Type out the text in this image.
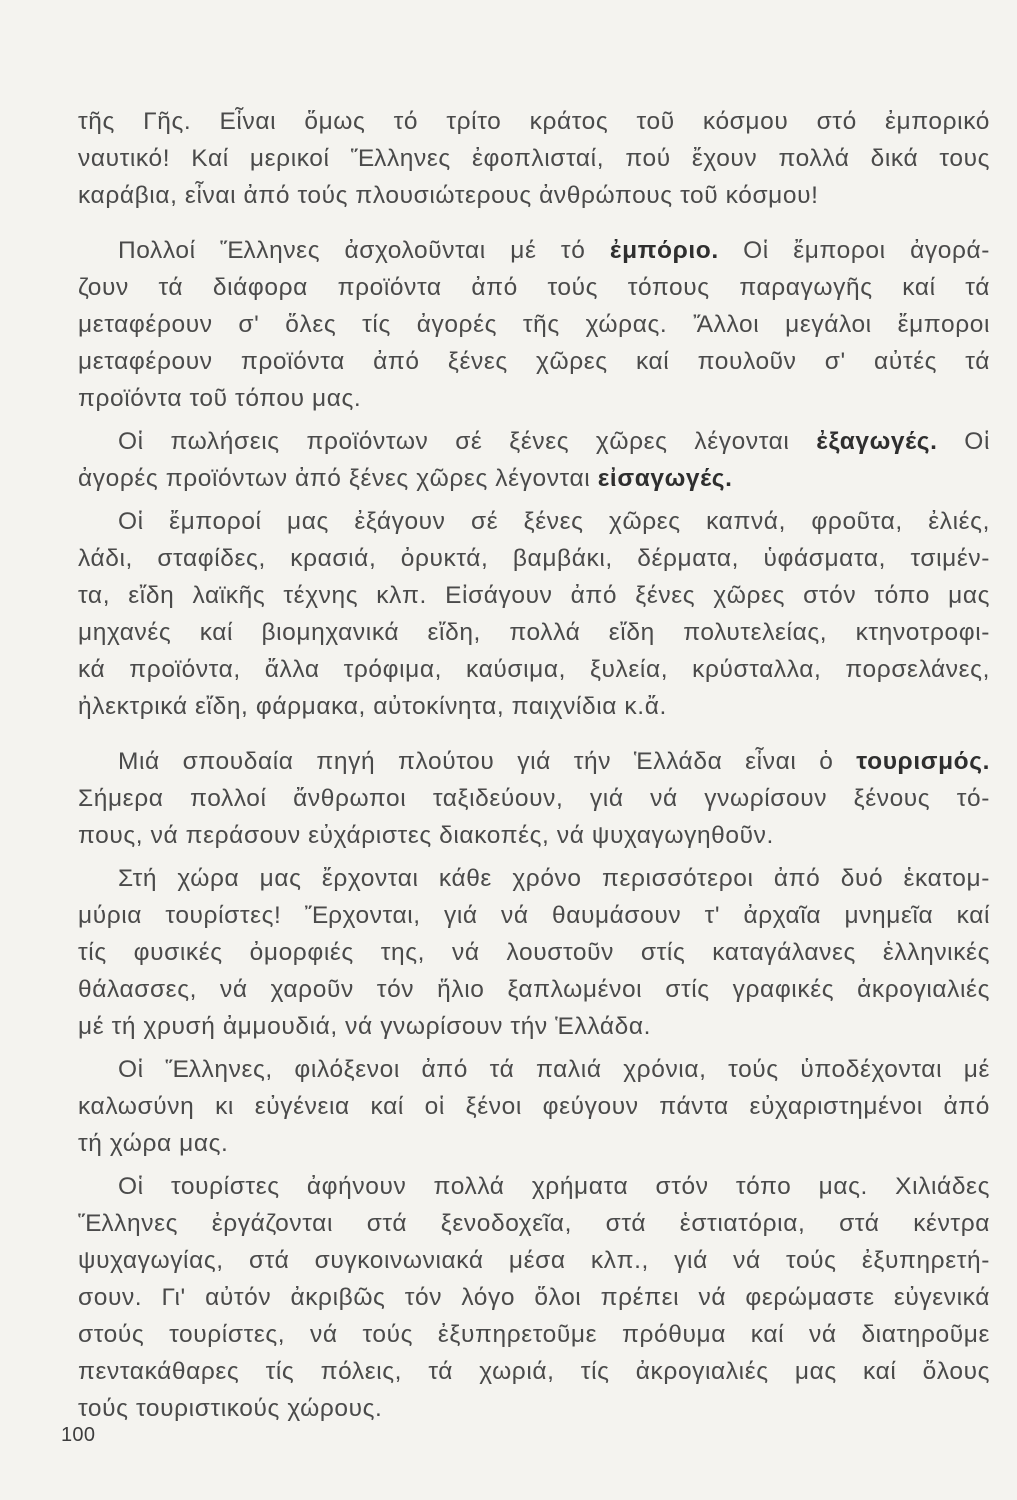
τῆς Γῆς. Εἶναι ὅμως τό τρίτο κράτος τοῦ κόσμου στό ἐμπορικό
ναυτικό! Καί μερικοί Ἕλληνες ἐφοπλισταί, πού ἔχουν πολλά δικά τους
καράβια, εἶναι ἀπό τούς πλουσιώτερους ἀνθρώπους τοῦ κόσμου!
Πολλοί Ἕλληνες ἀσχολοῦνται μέ τό ἐμπόριο. Οἱ ἔμποροι ἀγορά-
ζουν τά διάφορα προϊόντα ἀπό τούς τόπους παραγωγῆς καί τά
μεταφέρουν σ' ὅλες τίς ἀγορές τῆς χώρας. Ἄλλοι μεγάλοι ἔμποροι
μεταφέρουν προϊόντα ἀπό ξένες χῶρες καί πουλοῦν σ' αὐτές τά
προϊόντα τοῦ τόπου μας.
Οἱ πωλήσεις προϊόντων σέ ξένες χῶρες λέγονται ἐξαγωγές. Οἱ
ἀγορές προϊόντων ἀπό ξένες χῶρες λέγονται εἰσαγωγές.
Οἱ ἔμποροί μας ἐξάγουν σέ ξένες χῶρες καπνά, φροῦτα, ἐλιές,
λάδι, σταφίδες, κρασιά, ὀρυκτά, βαμβάκι, δέρματα, ὑφάσματα, τσιμέν-
τα, εἴδη λαϊκῆς τέχνης κλπ. Εἰσάγουν ἀπό ξένες χῶρες στόν τόπο μας
μηχανές καί βιομηχανικά εἴδη, πολλά εἴδη πολυτελείας, κτηνοτροφι-
κά προϊόντα, ἄλλα τρόφιμα, καύσιμα, ξυλεία, κρύσταλλα, πορσελάνες,
ἠλεκτρικά εἴδη, φάρμακα, αὐτοκίνητα, παιχνίδια κ.ἄ.
Μιά σπουδαία πηγή πλούτου γιά τήν Ἑλλάδα εἶναι ὁ τουρισμός.
Σήμερα πολλοί ἄνθρωποι ταξιδεύουν, γιά νά γνωρίσουν ξένους τό-
πους, νά περάσουν εὐχάριστες διακοπές, νά ψυχαγωγηθοῦν.
Στή χώρα μας ἔρχονται κάθε χρόνο περισσότεροι ἀπό δυό ἑκατομ-
μύρια τουρίστες! Ἔρχονται, γιά νά θαυμάσουν τ' ἀρχαῖα μνημεῖα καί
τίς φυσικές ὀμορφιές της, νά λουστοῦν στίς καταγάλανες ἑλληνικές
θάλασσες, νά χαροῦν τόν ἥλιο ξαπλωμένοι στίς γραφικές ἀκρογιαλιές
μέ τή χρυσή ἀμμουδιά, νά γνωρίσουν τήν Ἑλλάδα.
Οἱ Ἕλληνες, φιλόξενοι ἀπό τά παλιά χρόνια, τούς ὑποδέχονται μέ
καλωσύνη κι εὐγένεια καί οἱ ξένοι φεύγουν πάντα εὐχαριστημένοι ἀπό
τή χώρα μας.
Οἱ τουρίστες ἀφήνουν πολλά χρήματα στόν τόπο μας. Χιλιάδες
Ἕλληνες ἐργάζονται στά ξενοδοχεῖα, στά ἑστιατόρια, στά κέντρα
ψυχαγωγίας, στά συγκοινωνιακά μέσα κλπ., γιά νά τούς ἐξυπηρετή-
σουν. Γι' αὐτόν ἀκριβῶς τόν λόγο ὅλοι πρέπει νά φερώμαστε εὐγενικά
στούς τουρίστες, νά τούς ἐξυπηρετοῦμε πρόθυμα καί νά διατηροῦμε
πεντακάθαρες τίς πόλεις, τά χωριά, τίς ἀκρογιαλιές μας καί ὅλους
τούς τουριστικούς χώρους.
100
